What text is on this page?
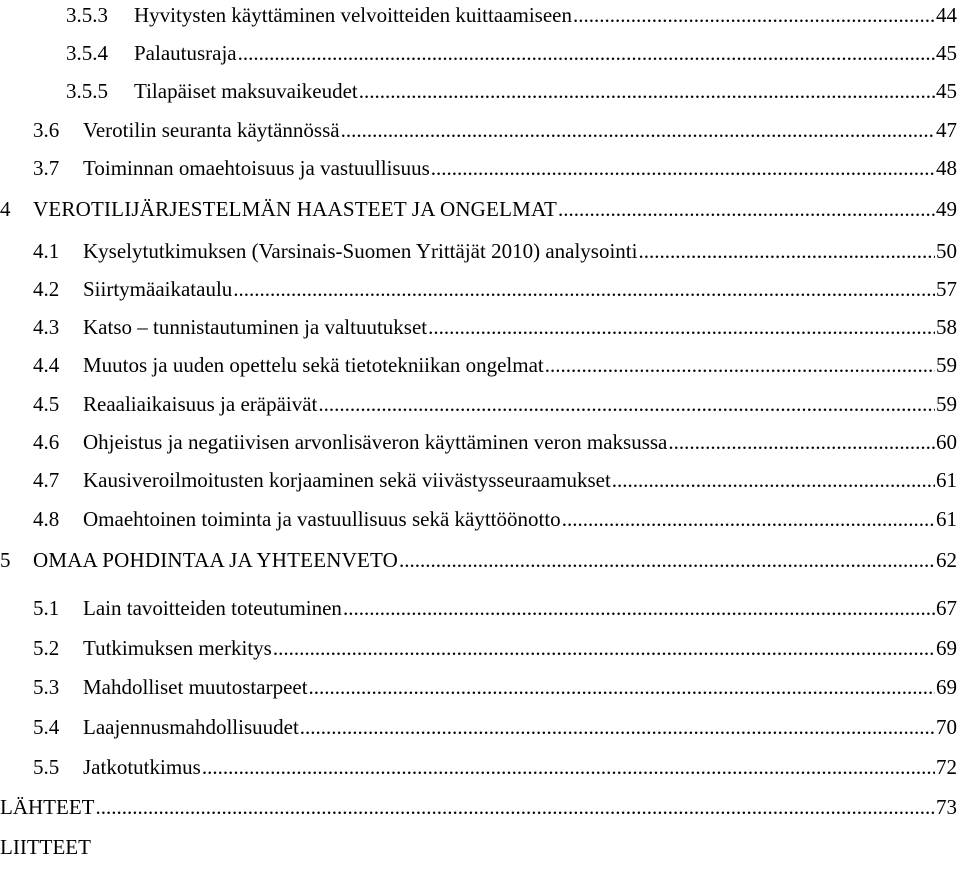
3.5.3	Hyvitysten käyttäminen velvoitteiden kuittaamiseen .....	44
3.5.4	Palautusraja .....	45
3.5.5	Tilapäiset maksuvaikeudet .....	45
3.6	Verotilin seuranta käytännössä .....	47
3.7	Toiminnan omaehtoisuus ja vastuullisuus .....	48
4	VEROTILIJÄRJESTELMÄN HAASTEET JA ONGELMAT .....	49
4.1	Kyselytutkimuksen (Varsinais-Suomen Yrittäjät 2010) analysointi .....	50
4.2	Siirtymäaikataulu .....	57
4.3	Katso – tunnistautuminen ja valtuutukset .....	58
4.4	Muutos ja uuden opettelu sekä tietotekniikan ongelmat .....	59
4.5	Reaaliaikaisuus ja eräpäivät .....	59
4.6	Ohjeistus ja negatiivisen arvonlisäveron käyttäminen veron maksussa .....	60
4.7	Kausiveroilmoitusten korjaaminen sekä viivästysseuraamukset .....	61
4.8	Omaehtoinen toiminta ja vastuullisuus sekä käyttöönotto .....	61
5	OMAA POHDINTAA JA YHTEENVETO .....	62
5.1	Lain tavoitteiden toteutuminen .....	67
5.2	Tutkimuksen merkitys .....	69
5.3	Mahdolliset muutostarpeet .....	69
5.4	Laajennusmahdollisuudet .....	70
5.5	Jatkotutkimus .....	72
LÄHTEET .....	73
LIITTEET
